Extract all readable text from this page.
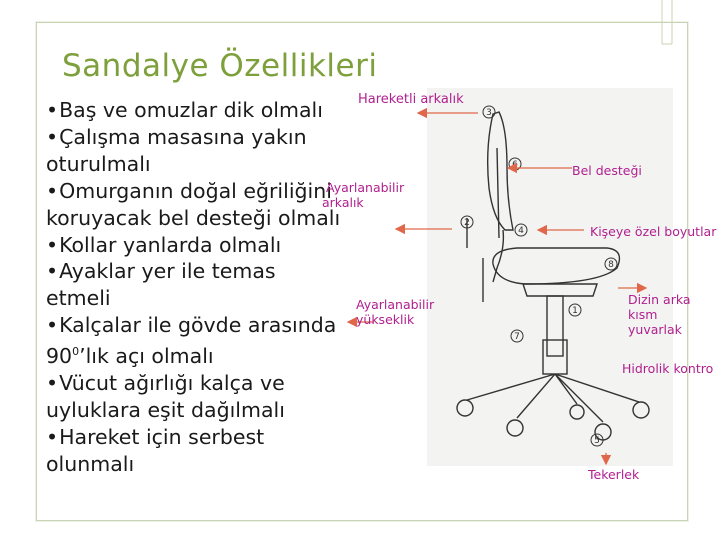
Sandalye Özellikleri
•Baş ve omuzlar dik olmalı
•Çalışma masasına yakın oturulmalı
•Omurganın doğal eğriliğini koruyacak bel desteği olmalı
•Kollar yanlarda olmalı
•Ayaklar yer ile temas etmeli
•Kalçalar ile gövde arasında $90^0’lık$ açı olmalı
•Vücut ağırlığı kalça ve uyluklara eşit dağılmalı
•Hareket için serbest olunmalı
3
6
2
4
8
1
7
5
Hareketli arkalık
Bel desteği
Ayarlanabilir
arkalık
Kişeye özel boyutlar
Dizin arka kısm
yuvarlak
Ayarlanabilir
yükseklik
Hidrolik kontro
Tekerlek
